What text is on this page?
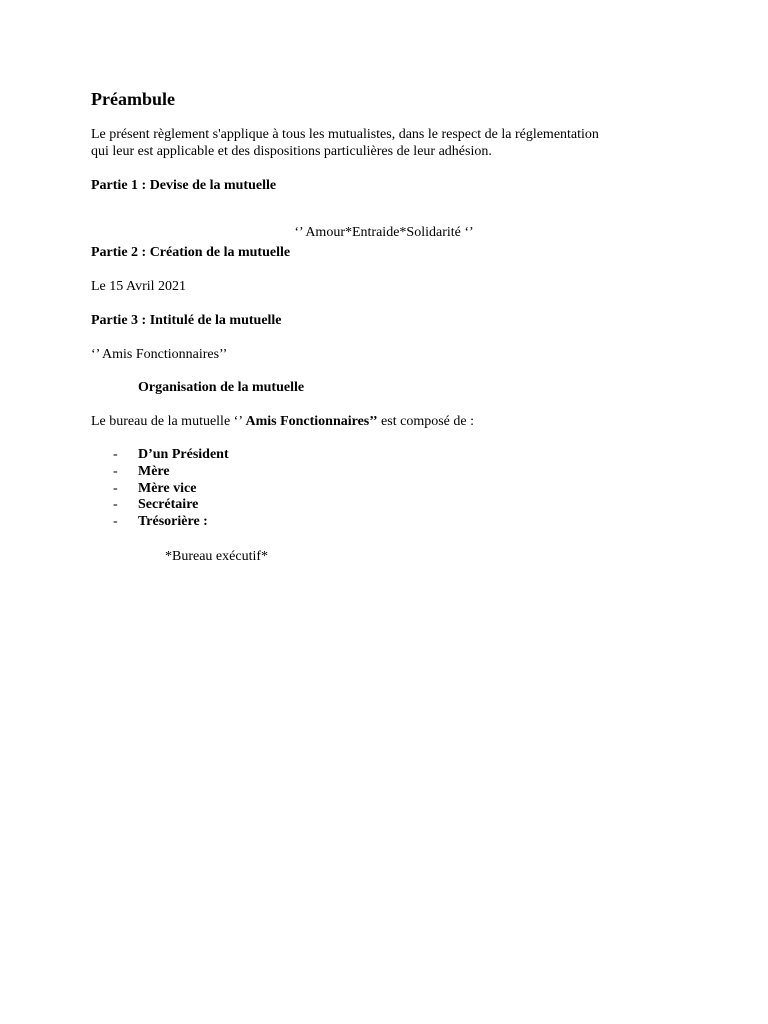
Préambule

Le présent règlement s'applique à tous les mutualistes, dans le respect de la réglementation
qui leur est applicable et des dispositions particulières de leur adhésion.

Partie 1 : Devise de la mutuelle

‘’ Amour*Entraide*Solidarité ‘’

Partie 2 : Création de la mutuelle

Le 15 Avril 2021

Partie 3 : Intitulé de la mutuelle

‘’ Amis Fonctionnaires’’

Organisation de la mutuelle

Le bureau de la mutuelle ‘’ Amis Fonctionnaires’’ est composé de :

-	D’un Président
-	Mère
-	Mère vice
-	Secrétaire
-	Trésorière :

*Bureau exécutif*
